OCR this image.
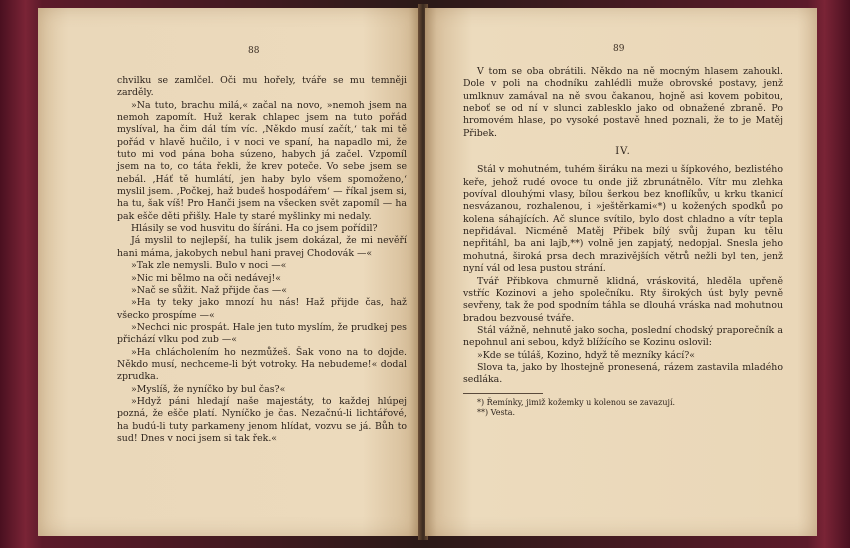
88

chvilku se zamlčel. Oči mu hořely, tváře se mu temněji zarděly.

»Na tuto, brachu milá,« začal na novo, »nemoh jsem na nemoh zapomít. Huž kerak chlapec jsem na tuto pořád myslíval, ha čim dál tím víc. ‚Někdo musí začít,‘ tak mi tě pořád v hlavě hučilo, i v noci ve spaní, ha napadlo mi, že tuto mi vod pána boha súzeno, habych já začel. Vzpomíl jsem na to, co táta řekli, že krev poteče. Vo sebe jsem se nebál. ‚Háť tě humlátí, jen haby bylo všem spomoženo,‘ myslil jsem. ‚Počkej, haž budeš hospodářem‘ — říkal jsem si, ha tu, šak víš! Pro Hanči jsem na všecken svět zapomíl — ha pak ešče děti přišly. Hale ty staré myšlinky mi nedaly.

Hlásily se vod husvitu do šíráni. Ha co jsem pořídil?

Já myslil to nejlepší, ha tulik jsem dokázal, že mi nevěří hani máma, jakobych nebul hani pravej Chodovák —«

»Tak zle nemysli. Bulo v noci —«

»Nic mi bělmo na oči nedávej!«

»Nač se sůžit. Naž přijde čas —«

»Ha ty teky jako mnozí hu nás! Haž přijde čas, haž všecko prospíme —«

»Nechci nic prospát. Hale jen tuto myslím, že prudkej pes přichází vlku pod zub —«

»Ha chlácholením ho nezmůžeš. Šak vono na to dojde. Někdo musí, nechceme-li být votroky. Ha nebudeme!« dodal zprudka.

»Myslíš, že nyníčko by bul čas?«

»Hdyž páni hledají naše majestáty, to každej hlúpej pozná, že ešče platí. Nyníčko je čas. Nezačnú-li lichtářové, ha budú-li tuty parkameny jenom hlídat, vozvu se já. Bůh to sud! Dnes v noci jsem si tak řek.«

89

V tom se oba obrátili. Někdo na ně mocným hlasem zahoukl. Dole v poli na chodníku zahlédli muže obrovské postavy, jenž umlknuv zamával na ně svou čakanou, hojně asi kovem pobitou, neboť se od ní v slunci zablesklo jako od obnažené zbraně. Po hromovém hlase, po vysoké postavě hned poznali, že to je Matěj Přibek.

IV.

Stál v mohutném, tuhém širáku na mezi u šípkového, bezlistého keře, jehož rudé ovoce tu onde již zbrunátnělo. Vítr mu zlehka povíval dlouhými vlasy, bílou šerkou bez knoflíkův, u krku tkanicí nesvázanou, rozhalenou, i »ještěrkami«*) u kožených spodků po kolena sáhajících. Ač slunce svítilo, bylo dost chladno a vítr tepla nepřidával. Nicméně Matěj Přibek bílý svůj župan ku tělu nepřitáhl, ba ani lajb,**) volně jen zapjatý, nedopjal. Snesla jeho mohutná, široká prsa dech mrazivějších větrů nežli byl ten, jenž nyní vál od lesa pustou strání.

Tvář Přibkova chmurně klidná, vráskovitá, hleděla upřeně vstříc Kozinovi a jeho společníku. Rty širokých úst byly pevně sevřeny, tak že pod spodním táhla se dlouhá vráska nad mohutnou bradou bezvousé tváře.

Stál vážně, nehnutě jako socha, poslední chodský praporečník a nepohnul ani sebou, když blížícího se Kozinu oslovil:

»Kde se túláš, Kozino, hdyž tě mezníky kácí?«

Slova ta, jako by lhostejně pronesená, rázem zastavila mladého sedláka.

*) Řemínky, jimiž kožemky u kolenou se zavazují.

**) Vesta.
